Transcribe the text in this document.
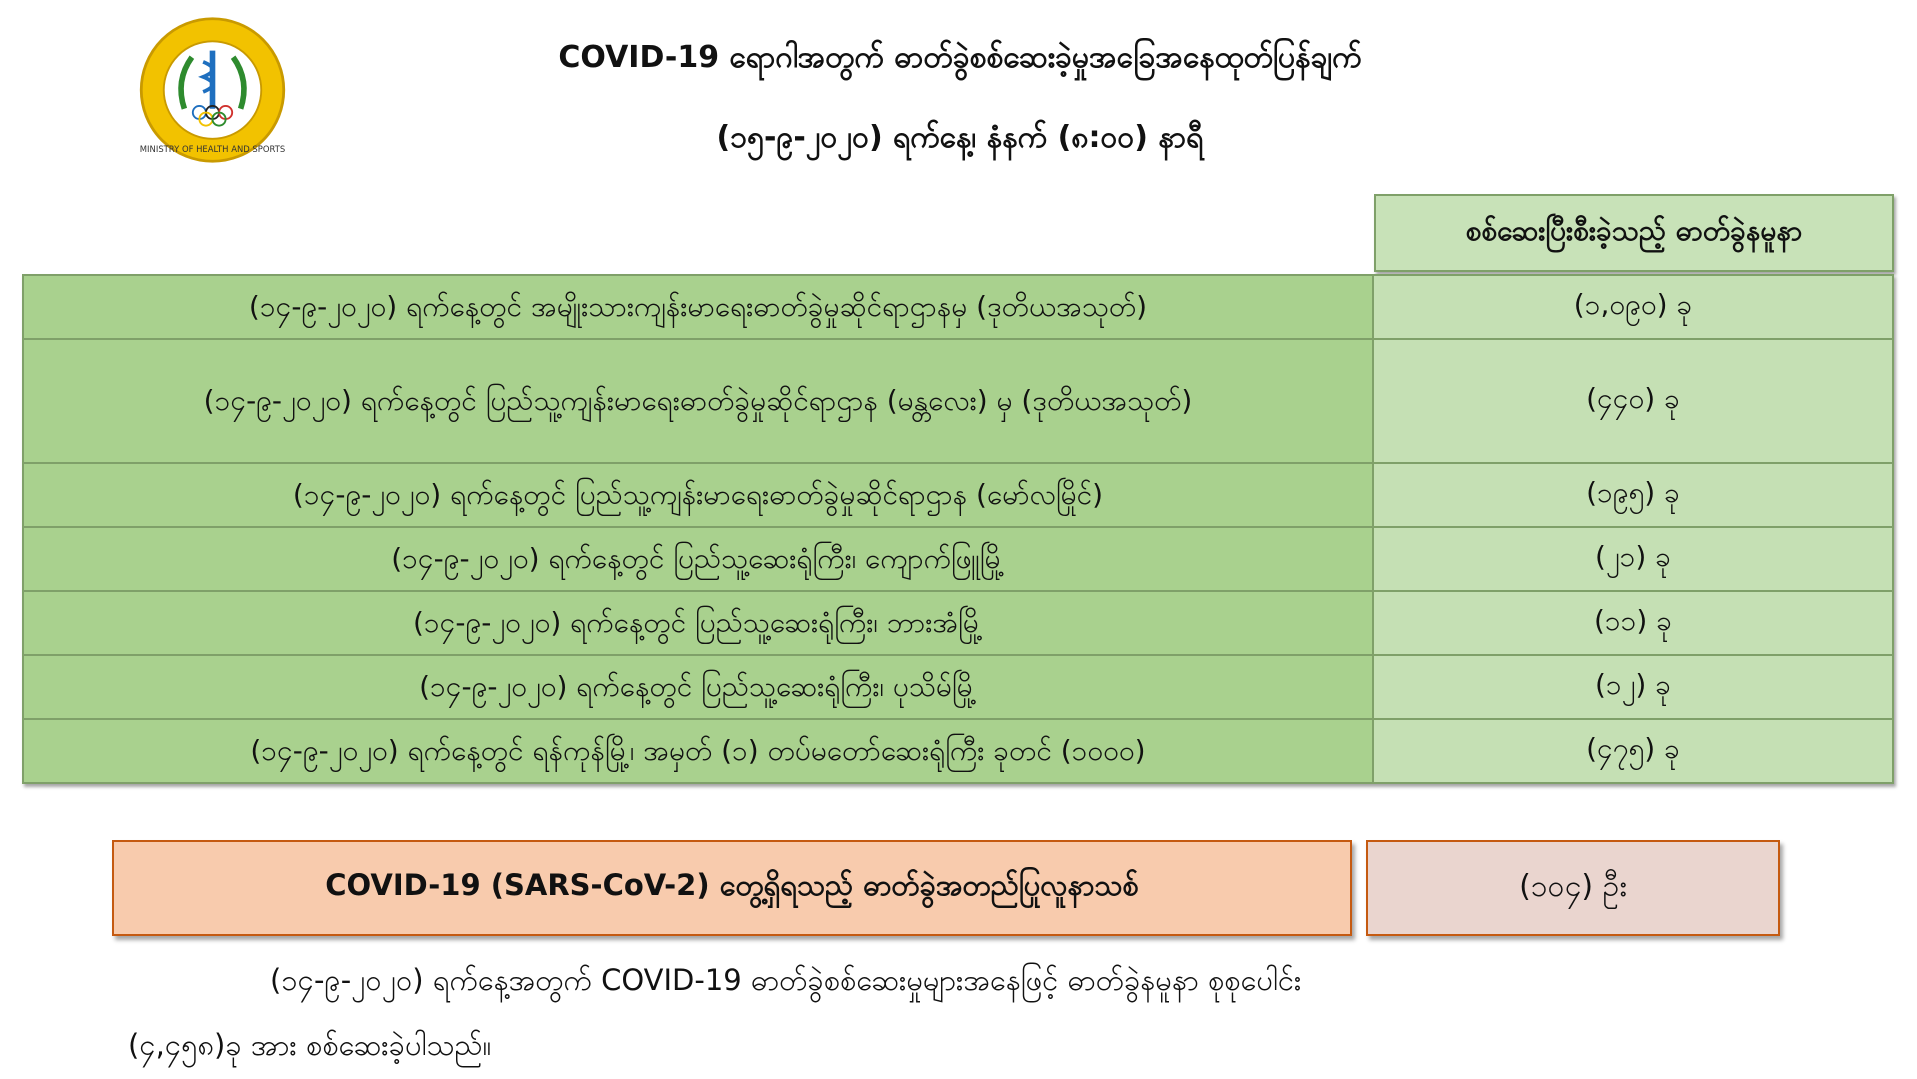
MINISTRY OF HEALTH AND SPORTS
COVID-19 ရောဂါအတွက် ဓာတ်ခွဲစစ်ဆေးခဲ့မှုအခြေအနေထုတ်ပြန်ချက်
(၁၅-၉-၂၀၂၀) ရက်နေ့၊ နံနက် (၈:၀၀) နာရီ
စစ်ဆေးပြီးစီးခဲ့သည့် ဓာတ်ခွဲနမူနာ
(၁၄-၉-၂၀၂၀) ရက်နေ့တွင် အမျိုးသားကျန်းမာရေးဓာတ်ခွဲမှုဆိုင်ရာဌာနမှ (ဒုတိယအသုတ်)	(၁,၀၉၀) ခု
(၁၄-၉-၂၀၂၀) ရက်နေ့တွင် ပြည်သူ့ကျန်းမာရေးဓာတ်ခွဲမှုဆိုင်ရာဌာန (မန္တလေး) မှ (ဒုတိယအသုတ်)	(၄၄၀) ခု
(၁၄-၉-၂၀၂၀) ရက်နေ့တွင် ပြည်သူ့ကျန်းမာရေးဓာတ်ခွဲမှုဆိုင်ရာဌာန (မော်လမြိုင်)	(၁၉၅) ခု
(၁၄-၉-၂၀၂၀) ရက်နေ့တွင် ပြည်သူ့ဆေးရုံကြီး၊ ကျောက်ဖြူမြို့	(၂၁) ခု
(၁၄-၉-၂၀၂၀) ရက်နေ့တွင် ပြည်သူ့ဆေးရုံကြီး၊ ဘားအံမြို့	(၁၁) ခု
(၁၄-၉-၂၀၂၀) ရက်နေ့တွင် ပြည်သူ့ဆေးရုံကြီး၊ ပုသိမ်မြို့	(၁၂) ခု
(၁၄-၉-၂၀၂၀) ရက်နေ့တွင် ရန်ကုန်မြို့၊ အမှတ် (၁) တပ်မတော်ဆေးရုံကြီး ခုတင် (၁၀၀၀)	(၄၇၅) ခု
COVID-19 (SARS-CoV-2) တွေ့ရှိရသည့် ဓာတ်ခွဲအတည်ပြုလူနာသစ်	(၁၀၄) ဦး
(၁၄-၉-၂၀၂၀) ရက်နေ့အတွက် COVID-19 ဓာတ်ခွဲစစ်ဆေးမှုများအနေဖြင့် ဓာတ်ခွဲနမူနာ စုစုပေါင်း
(၄,၄၅၈)ခု အား စစ်ဆေးခဲ့ပါသည်။
